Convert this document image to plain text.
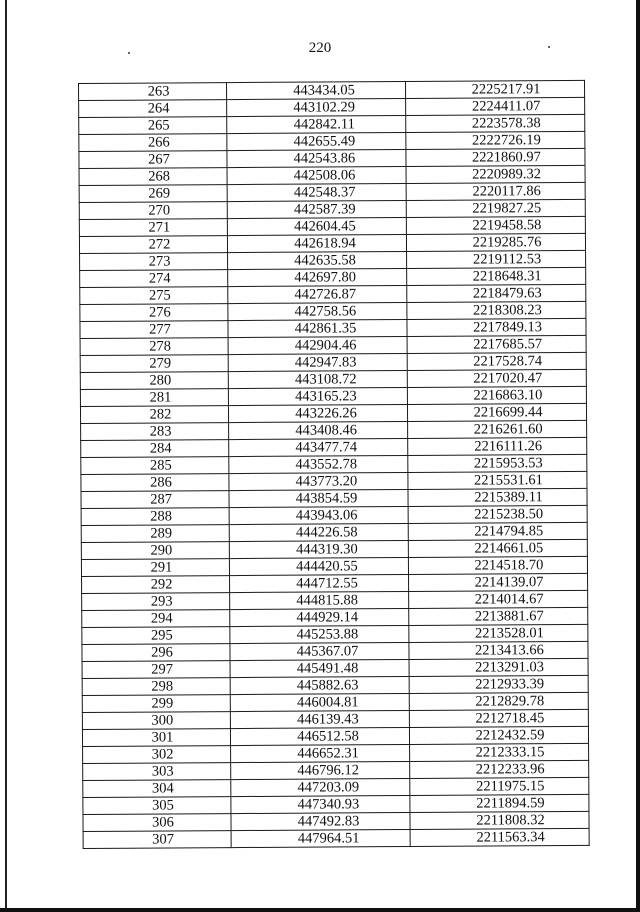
220
263	443434.05	2225217.91
264	443102.29	2224411.07
265	442842.11	2223578.38
266	442655.49	2222726.19
267	442543.86	2221860.97
268	442508.06	2220989.32
269	442548.37	2220117.86
270	442587.39	2219827.25
271	442604.45	2219458.58
272	442618.94	2219285.76
273	442635.58	2219112.53
274	442697.80	2218648.31
275	442726.87	2218479.63
276	442758.56	2218308.23
277	442861.35	2217849.13
278	442904.46	2217685.57
279	442947.83	2217528.74
280	443108.72	2217020.47
281	443165.23	2216863.10
282	443226.26	2216699.44
283	443408.46	2216261.60
284	443477.74	2216111.26
285	443552.78	2215953.53
286	443773.20	2215531.61
287	443854.59	2215389.11
288	443943.06	2215238.50
289	444226.58	2214794.85
290	444319.30	2214661.05
291	444420.55	2214518.70
292	444712.55	2214139.07
293	444815.88	2214014.67
294	444929.14	2213881.67
295	445253.88	2213528.01
296	445367.07	2213413.66
297	445491.48	2213291.03
298	445882.63	2212933.39
299	446004.81	2212829.78
300	446139.43	2212718.45
301	446512.58	2212432.59
302	446652.31	2212333.15
303	446796.12	2212233.96
304	447203.09	2211975.15
305	447340.93	2211894.59
306	447492.83	2211808.32
307	447964.51	2211563.34
